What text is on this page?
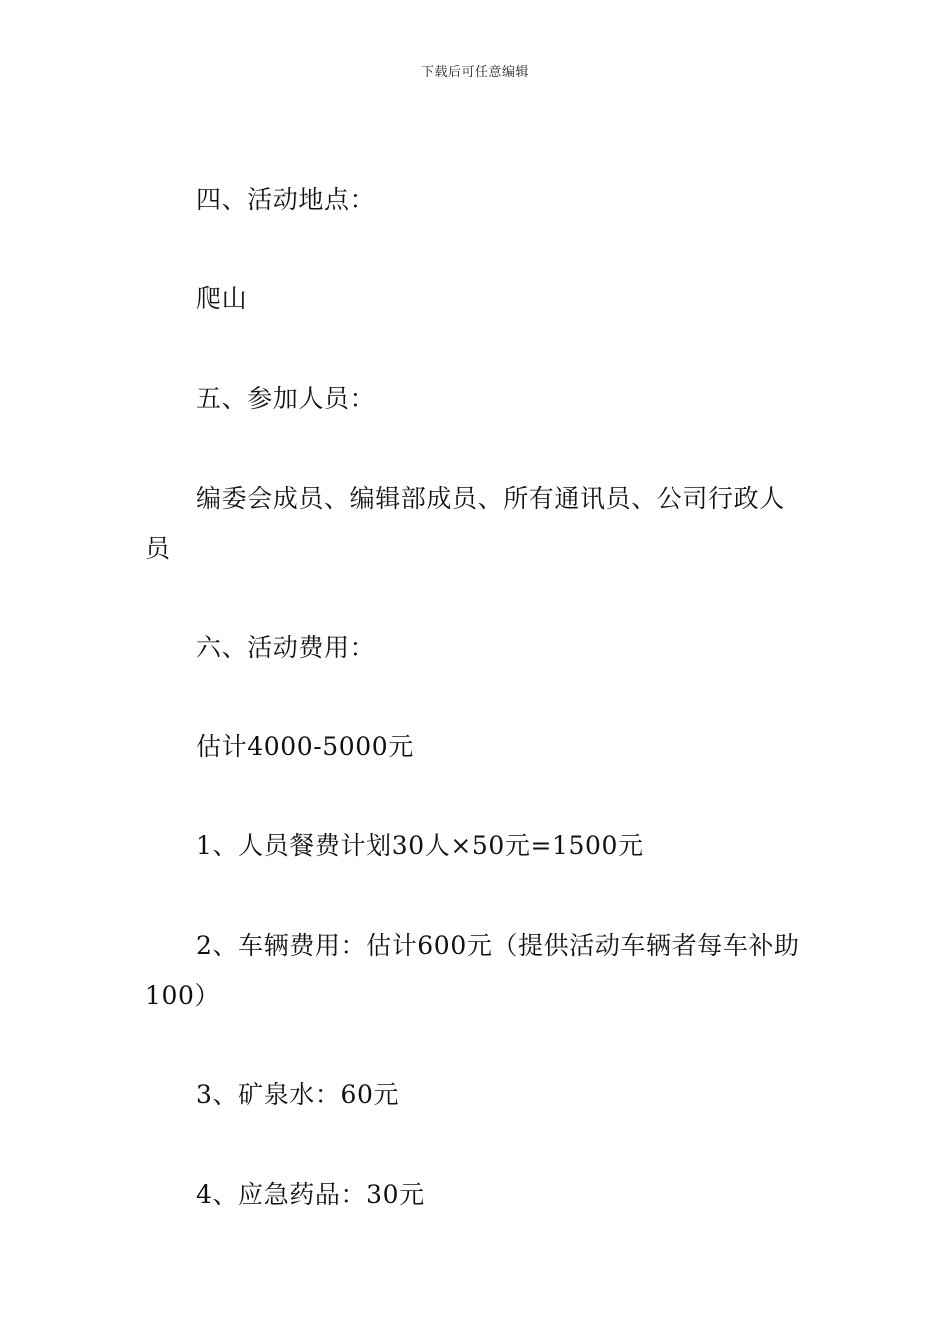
下载后可任意编辑

四、活动地点：

爬山

五、参加人员：

编委会成员、编辑部成员、所有通讯员、公司行政人员

六、活动费用：

估计4000-5000元

1、人员餐费计划30人×50元=1500元

2、车辆费用：估计600元（提供活动车辆者每车补助100）

3、矿泉水：60元

4、应急药品：30元
